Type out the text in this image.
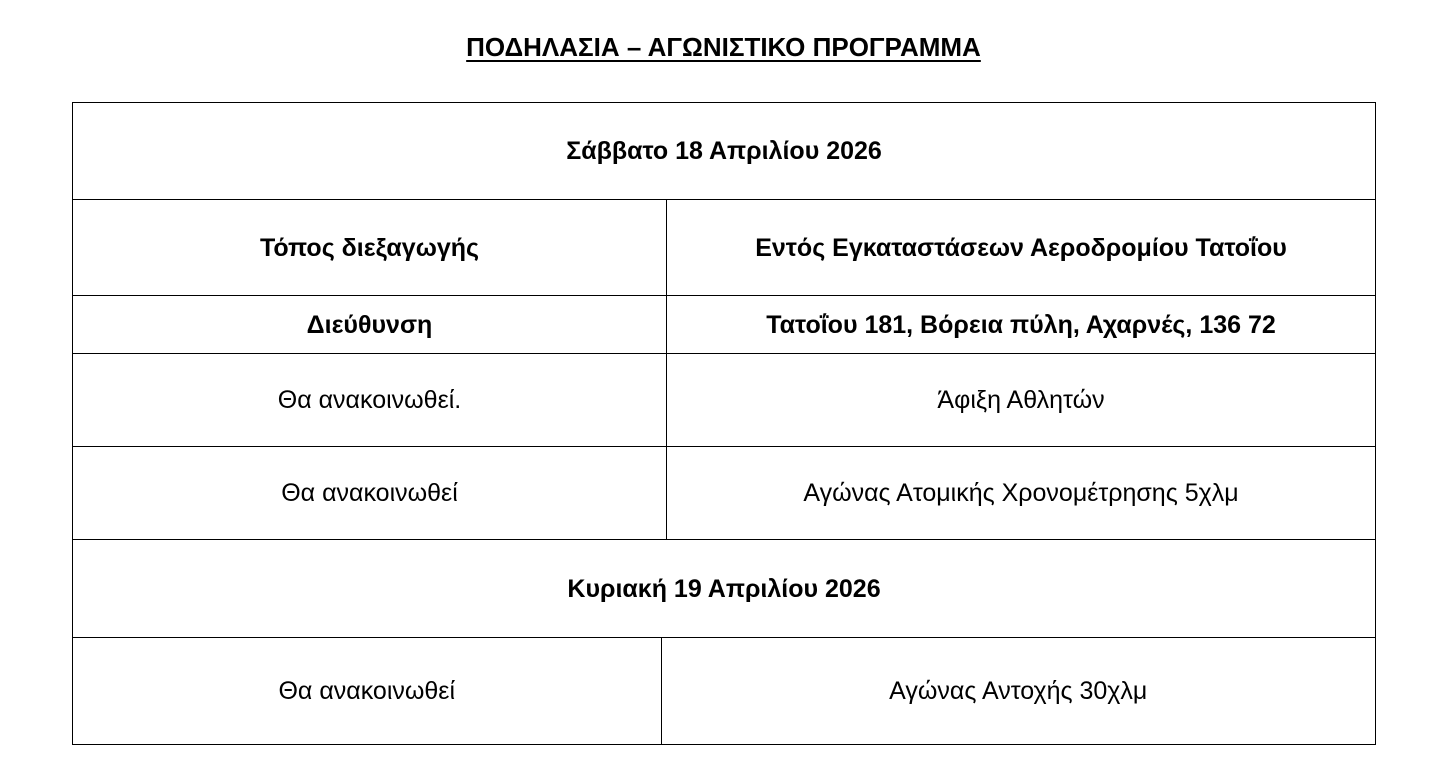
ΠΟΔΗΛΑΣΙΑ – ΑΓΩΝΙΣΤΙΚΟ ΠΡΟΓΡΑΜΜΑ
Σάββατο 18 Απριλίου 2026
Τόπος διεξαγωγής	Εντός Εγκαταστάσεων Αεροδρομίου Τατοΐου
Διεύθυνση	Τατοΐου 181, Βόρεια πύλη, Αχαρνές, 136 72
Θα ανακοινωθεί.	Άφιξη Αθλητών
Θα ανακοινωθεί	Αγώνας Ατομικής Χρονομέτρησης 5χλμ
Κυριακή 19 Απριλίου 2026

Θα ανακοινωθεί	Αγώνας Αντοχής 30χλμ
